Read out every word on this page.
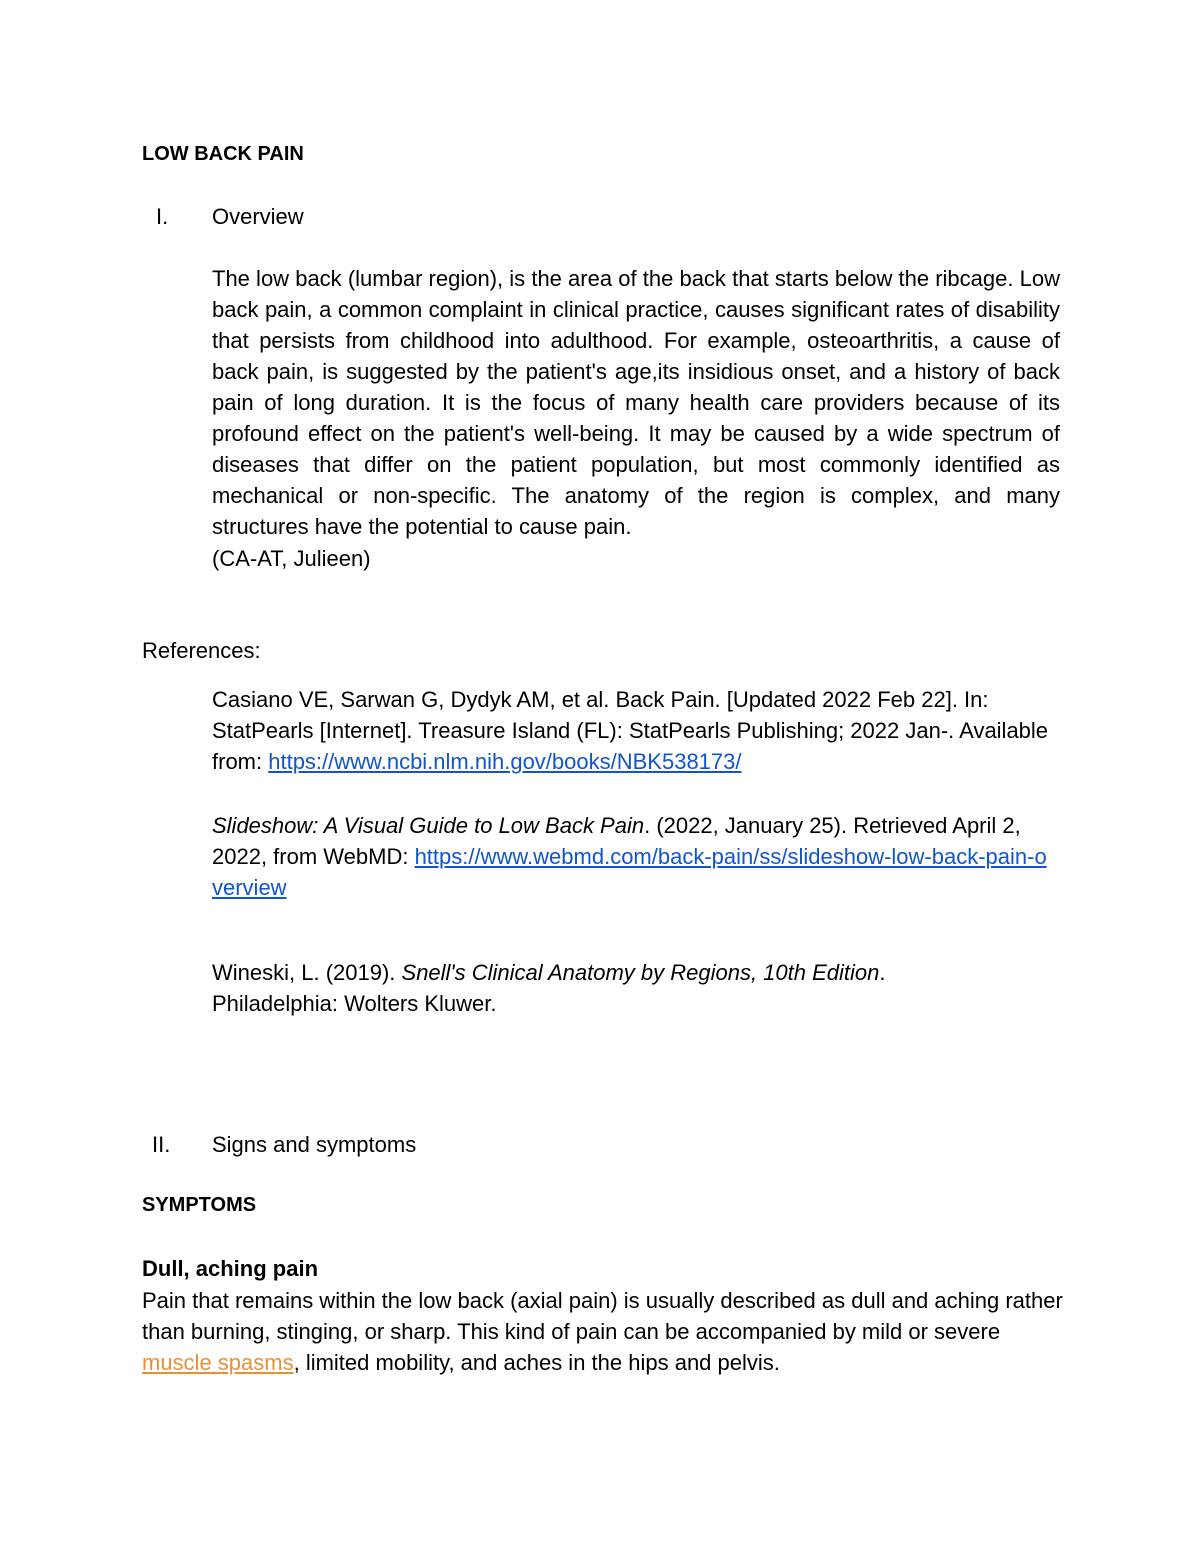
LOW BACK PAIN
I. Overview
The low back (lumbar region), is the area of the back that starts below the ribcage. Low back pain, a common complaint in clinical practice, causes significant rates of disability that persists from childhood into adulthood. For example, osteoarthritis, a cause of back pain, is suggested by the patient's age,its insidious onset, and a history of back pain of long duration. It is the focus of many health care providers because of its profound effect on the patient's well-being. It may be caused by a wide spectrum of diseases that differ on the patient population, but most commonly identified as mechanical or non-specific. The anatomy of the region is complex, and many structures have the potential to cause pain.
(CA-AT, Julieen)
References:
Casiano VE, Sarwan G, Dydyk AM, et al. Back Pain. [Updated 2022 Feb 22]. In: StatPearls [Internet]. Treasure Island (FL): StatPearls Publishing; 2022 Jan-. Available from: https://www.ncbi.nlm.nih.gov/books/NBK538173/
Slideshow: A Visual Guide to Low Back Pain. (2022, January 25). Retrieved April 2, 2022, from WebMD: https://www.webmd.com/back-pain/ss/slideshow-low-back-pain-overview
Wineski, L. (2019). Snell's Clinical Anatomy by Regions, 10th Edition. Philadelphia: Wolters Kluwer.
II. Signs and symptoms
SYMPTOMS
Dull, aching pain
Pain that remains within the low back (axial pain) is usually described as dull and aching rather than burning, stinging, or sharp. This kind of pain can be accompanied by mild or severe muscle spasms, limited mobility, and aches in the hips and pelvis.
